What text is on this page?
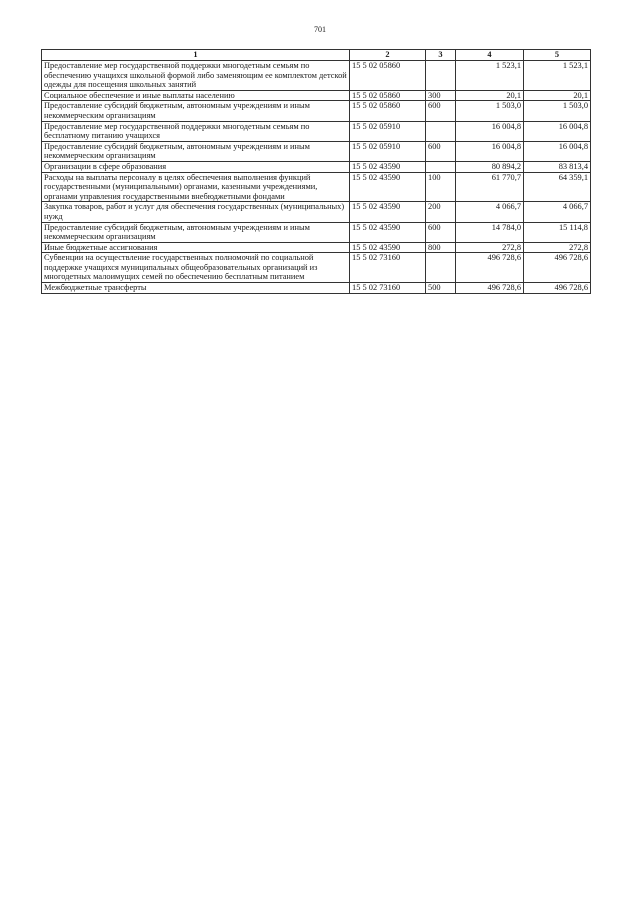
701
1	2	3	4	5
Предоставление мер государственной поддержки многодетным семьям по обеспечению учащихся школьной формой либо заменяющим ее комплектом детской одежды для посещения школьных занятий	15 5 02 05860		1 523,1	1 523,1
Социальное обеспечение и иные выплаты населению	15 5 02 05860	300	20,1	20,1
Предоставление субсидий бюджетным, автономным учреждениям и иным некоммерческим организациям	15 5 02 05860	600	1 503,0	1 503,0
Предоставление мер государственной поддержки многодетным семьям по бесплатному питанию учащихся	15 5 02 05910		16 004,8	16 004,8
Предоставление субсидий бюджетным, автономным учреждениям и иным некоммерческим организациям	15 5 02 05910	600	16 004,8	16 004,8
Организации в сфере образования	15 5 02 43590		80 894,2	83 813,4
Расходы на выплаты персоналу в целях обеспечения выполнения функций государственными (муниципальными) органами, казенными учреждениями, органами управления государственными внебюджетными фондами	15 5 02 43590	100	61 770,7	64 359,1
Закупка товаров, работ и услуг для обеспечения государственных (муниципальных) нужд	15 5 02 43590	200	4 066,7	4 066,7
Предоставление субсидий бюджетным, автономным учреждениям и иным некоммерческим организациям	15 5 02 43590	600	14 784,0	15 114,8
Иные бюджетные ассигнования	15 5 02 43590	800	272,8	272,8
Субвенции на осуществление государственных полномочий по социальной поддержке учащихся муниципальных общеобразовательных организаций из многодетных малоимущих семей по обеспечению бесплатным питанием	15 5 02 73160		496 728,6	496 728,6
Межбюджетные трансферты	15 5 02 73160	500	496 728,6	496 728,6
